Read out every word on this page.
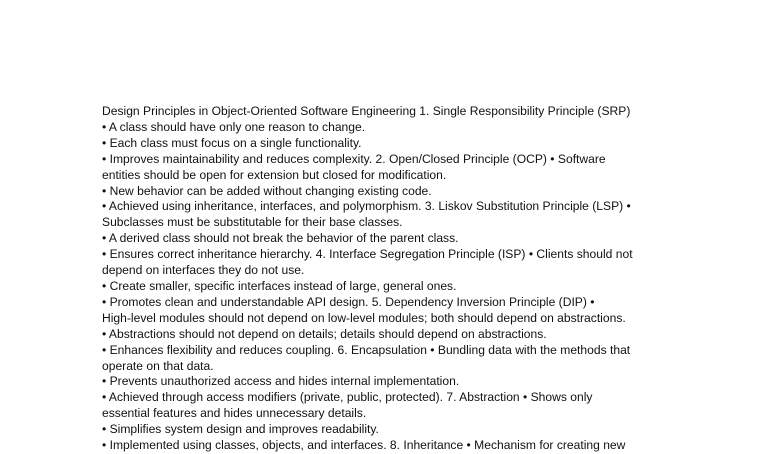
Design Principles in Object-Oriented Software Engineering 1. Single Responsibility Principle (SRP)
• A class should have only one reason to change.
• Each class must focus on a single functionality.
• Improves maintainability and reduces complexity. 2. Open/Closed Principle (OCP) • Software
entities should be open for extension but closed for modification.
• New behavior can be added without changing existing code.
• Achieved using inheritance, interfaces, and polymorphism. 3. Liskov Substitution Principle (LSP) •
Subclasses must be substitutable for their base classes.
• A derived class should not break the behavior of the parent class.
• Ensures correct inheritance hierarchy. 4. Interface Segregation Principle (ISP) • Clients should not
depend on interfaces they do not use.
• Create smaller, specific interfaces instead of large, general ones.
• Promotes clean and understandable API design. 5. Dependency Inversion Principle (DIP) •
High-level modules should not depend on low-level modules; both should depend on abstractions.
• Abstractions should not depend on details; details should depend on abstractions.
• Enhances flexibility and reduces coupling. 6. Encapsulation • Bundling data with the methods that
operate on that data.
• Prevents unauthorized access and hides internal implementation.
• Achieved through access modifiers (private, public, protected). 7. Abstraction • Shows only
essential features and hides unnecessary details.
• Simplifies system design and improves readability.
• Implemented using classes, objects, and interfaces. 8. Inheritance • Mechanism for creating new
